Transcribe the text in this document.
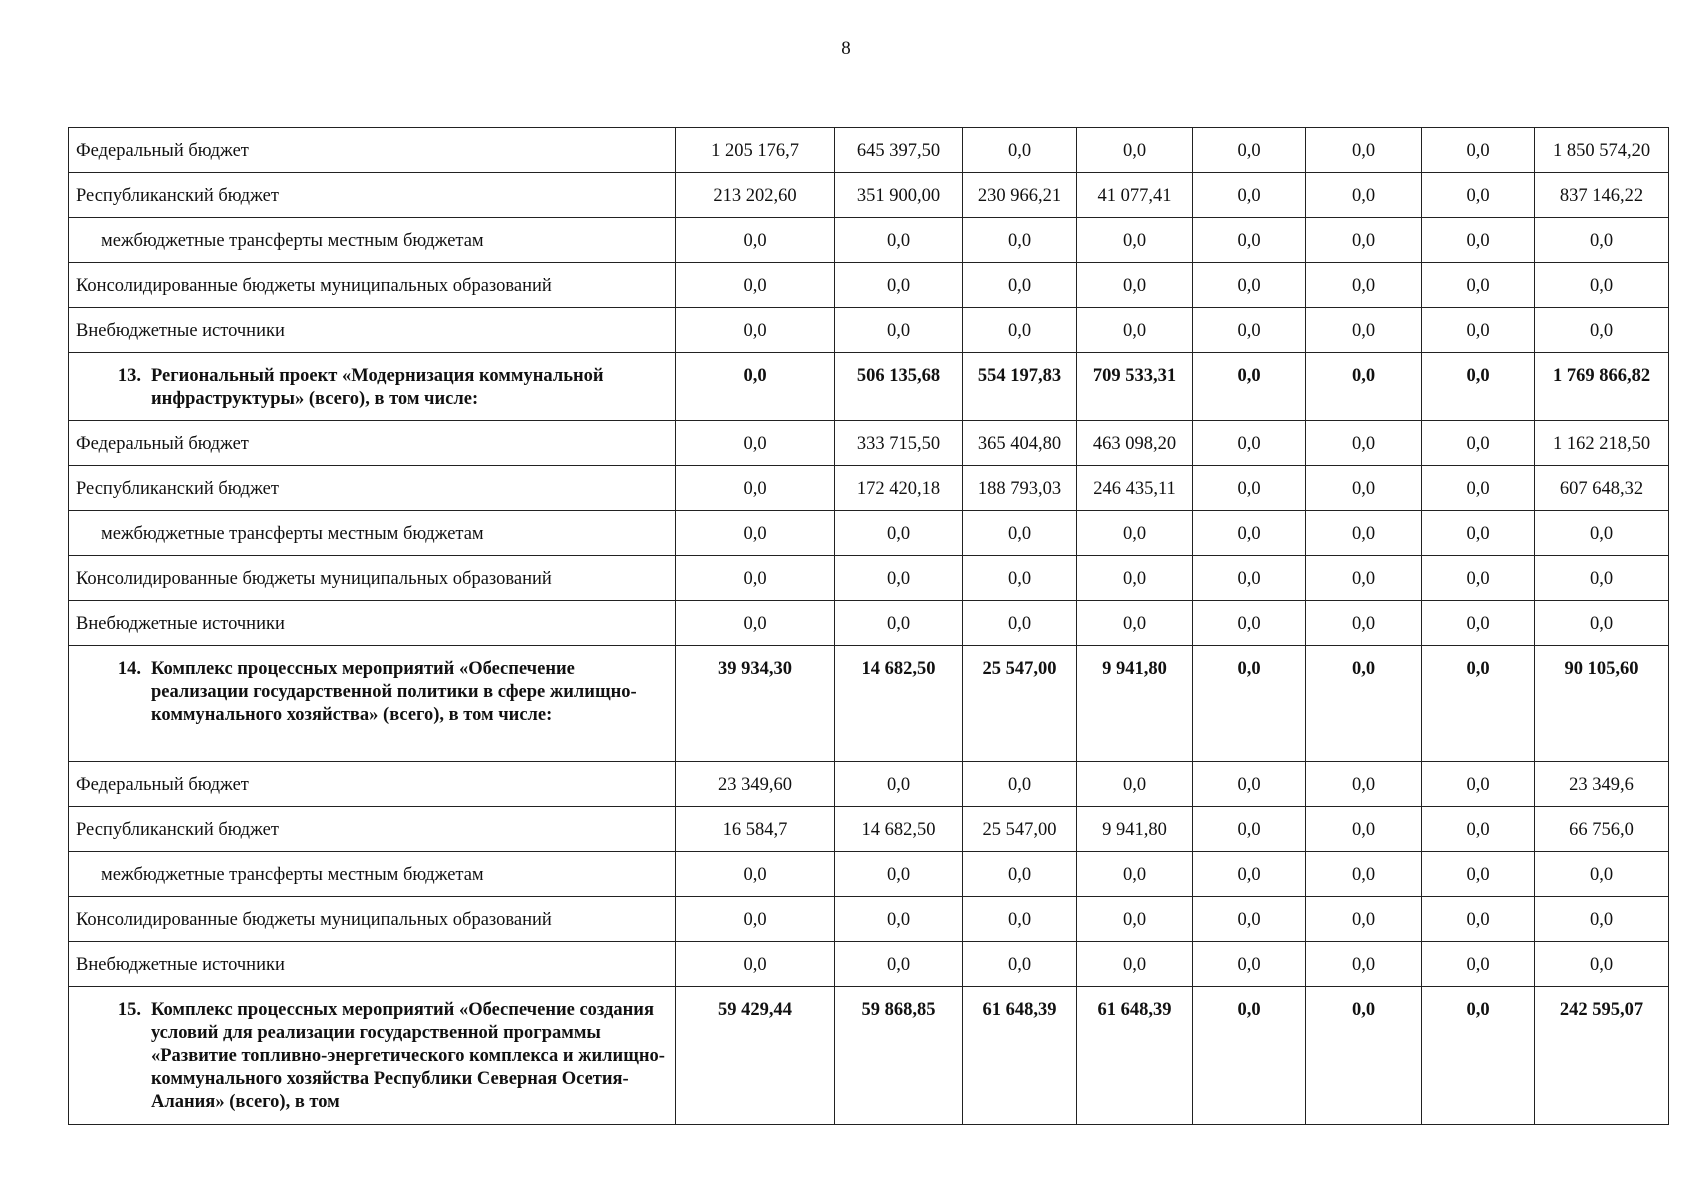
8
Федеральный бюджет	1 205 176,7	645 397,50	0,0	0,0	0,0	0,0	0,0	1 850 574,20
Республиканский бюджет	213 202,60	351 900,00	230 966,21	41 077,41	0,0	0,0	0,0	837 146,22
межбюджетные трансферты местным бюджетам	0,0	0,0	0,0	0,0	0,0	0,0	0,0	0,0
Консолидированные бюджеты муниципальных образований	0,0	0,0	0,0	0,0	0,0	0,0	0,0	0,0
Внебюджетные источники	0,0	0,0	0,0	0,0	0,0	0,0	0,0	0,0

13. Региональный проект «Модернизация коммунальной инфраструктуры» (всего), в том числе:	0,0	506 135,68	554 197,83	709 533,31	0,0	0,0	0,0	1 769 866,82
Федеральный бюджет	0,0	333 715,50	365 404,80	463 098,20	0,0	0,0	0,0	1 162 218,50
Республиканский бюджет	0,0	172 420,18	188 793,03	246 435,11	0,0	0,0	0,0	607 648,32
межбюджетные трансферты местным бюджетам	0,0	0,0	0,0	0,0	0,0	0,0	0,0	0,0
Консолидированные бюджеты муниципальных образований	0,0	0,0	0,0	0,0	0,0	0,0	0,0	0,0
Внебюджетные источники	0,0	0,0	0,0	0,0	0,0	0,0	0,0	0,0

14. Комплекс процессных мероприятий «Обеспечение реализации государственной политики в сфере жилищно-коммунального хозяйства» (всего), в том числе:	39 934,30	14 682,50	25 547,00	9 941,80	0,0	0,0	0,0	90 105,60
Федеральный бюджет	23 349,60	0,0	0,0	0,0	0,0	0,0	0,0	23 349,6
Республиканский бюджет	16 584,7	14 682,50	25 547,00	9 941,80	0,0	0,0	0,0	66 756,0
межбюджетные трансферты местным бюджетам	0,0	0,0	0,0	0,0	0,0	0,0	0,0	0,0
Консолидированные бюджеты муниципальных образований	0,0	0,0	0,0	0,0	0,0	0,0	0,0	0,0
Внебюджетные источники	0,0	0,0	0,0	0,0	0,0	0,0	0,0	0,0

15. Комплекс процессных мероприятий «Обеспечение создания условий для реализации государственной программы «Развитие топливно-энергетического комплекса и жилищно-коммунального хозяйства Республики Северная Осетия-Алания» (всего), в том	59 429,44	59 868,85	61 648,39	61 648,39	0,0	0,0	0,0	242 595,07
